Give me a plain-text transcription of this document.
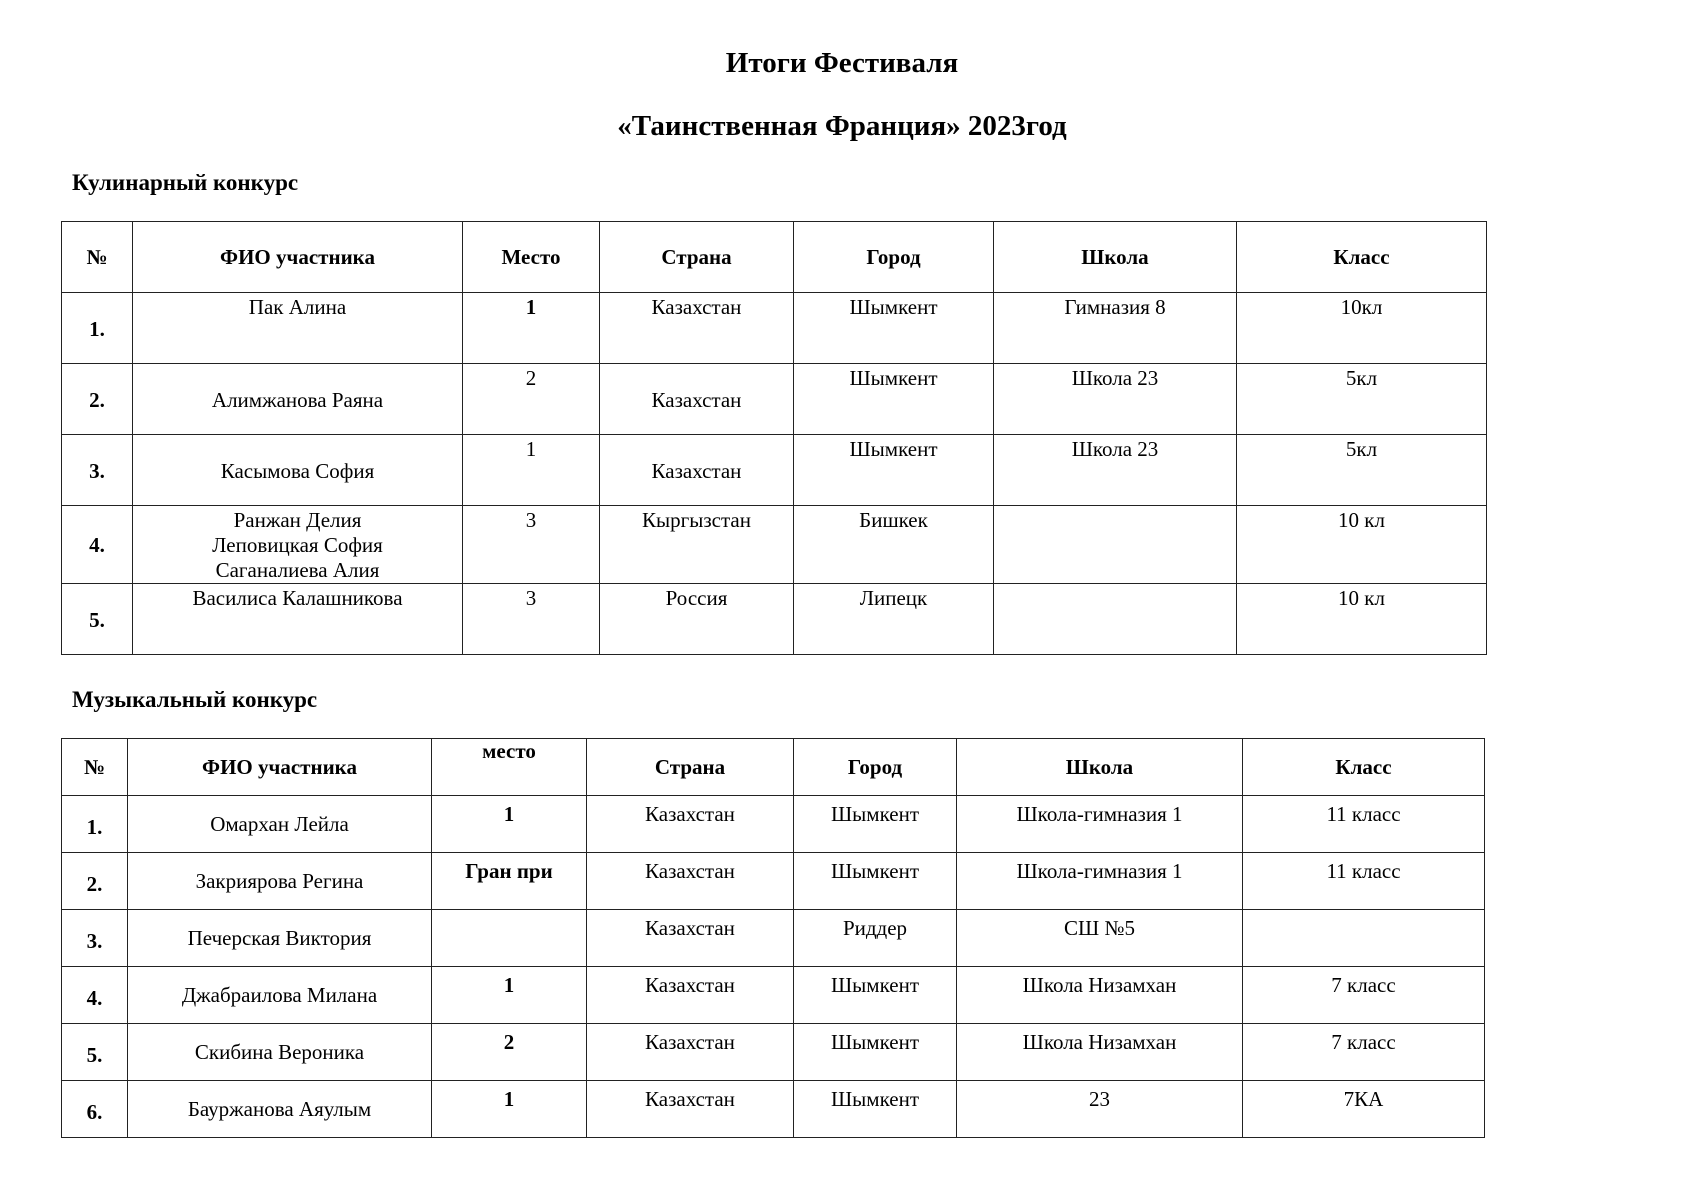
Итоги Фестиваля
«Таинственная Франция» 2023год
Кулинарный конкурс
№	ФИО участника	Место	Страна	Город	Школа	Класс
1.	Пак Алина	1	Казахстан	Шымкент	Гимназия 8	10кл
2.	Алимжанова Раяна	2	Казахстан	Шымкент	Школа 23	5кл
3.	Касымова София	1	Казахстан	Шымкент	Школа 23	5кл
4.	Ранжан Делия
Леповицкая София
Саганалиева Алия	3	Кыргызстан	Бишкек		10 кл
5.	Василиса Калашникова	3	Россия	Липецк		10 кл
Музыкальный конкурс
№	ФИО участника	место	Страна	Город	Школа	Класс
1.	Омархан Лейла	1	Казахстан	Шымкент	Школа-гимназия 1	11 класс
2.	Закриярова Регина	Гран при	Казахстан	Шымкент	Школа-гимназия 1	11 класс
3.	Печерская Виктория		Казахстан	Риддер	СШ №5	
4.	Джабраилова Милана	1	Казахстан	Шымкент	Школа Низамхан	7 класс
5.	Скибина Вероника	2	Казахстан	Шымкент	Школа Низамхан	7 класс
6.	Бауржанова Аяулым	1	Казахстан	Шымкент	23	7КА
